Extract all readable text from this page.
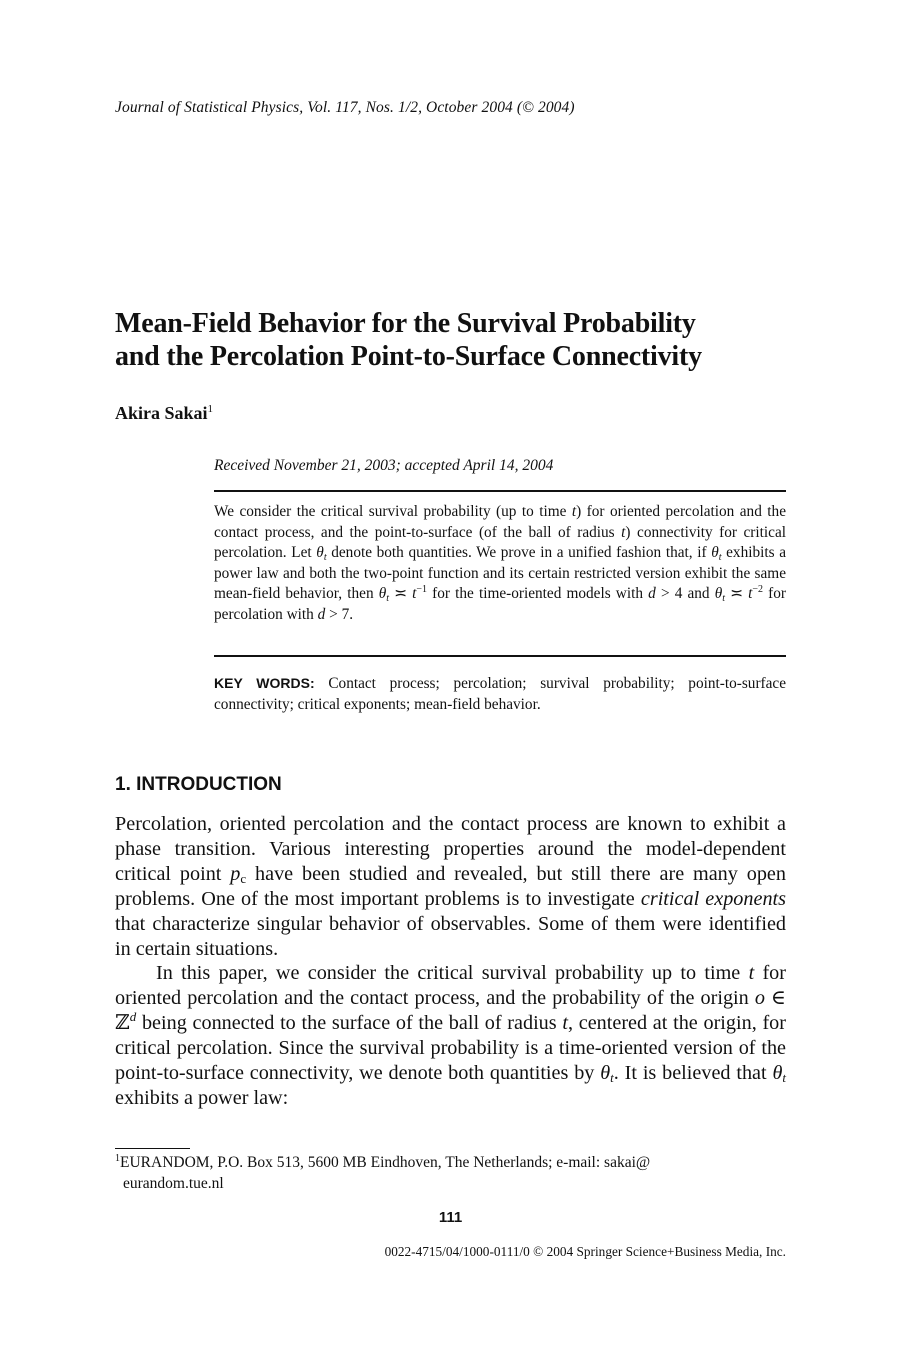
Journal of Statistical Physics, Vol. 117, Nos. 1/2, October 2004 (© 2004)
Mean-Field Behavior for the Survival Probability
and the Percolation Point-to-Surface Connectivity
Akira Sakai$^1$
Received November 21, 2003; accepted April 14, 2004
We consider the critical survival probability (up to time t) for oriented percolation and the contact process, and the point-to-surface (of the ball of radius t) connectivity for critical percolation. Let $\theta_t$ denote both quantities. We prove in a unified fashion that, if $\theta_t$ exhibits a power law and both the two-point function and its certain restricted version exhibit the same mean-field behavior, then $\theta_t$ ≍ $t^{-1}$ for the time-oriented models with d > 4 and $\theta_t$ ≍ $t^{-2}$ for percolation with d > 7.
KEY WORDS: Contact process; percolation; survival probability; point-to-surface connectivity; critical exponents; mean-field behavior.
1. INTRODUCTION

Percolation, oriented percolation and the contact process are known to exhibit a phase transition. Various interesting properties around the model-dependent critical point $p_c$ have been studied and revealed, but still there are many open problems. One of the most important problems is to investigate critical exponents that characterize singular behavior of observables. Some of them were identified in certain situations.

In this paper, we consider the critical survival probability up to time t for oriented percolation and the contact process, and the probability of the origin o ∈ ℤ$^d$ being connected to the surface of the ball of radius t, centered at the origin, for critical percolation. Since the survival probability is a time-oriented version of the point-to-surface connectivity, we denote both quantities by $\theta_t$. It is believed that $\theta_t$ exhibits a power law:

$^1$EURANDOM, P.O. Box 513, 5600 MB Eindhoven, The Netherlands; e-mail: sakai@
eurandom.tue.nl
111
0022-4715/04/1000-0111/0 © 2004 Springer Science+Business Media, Inc.
